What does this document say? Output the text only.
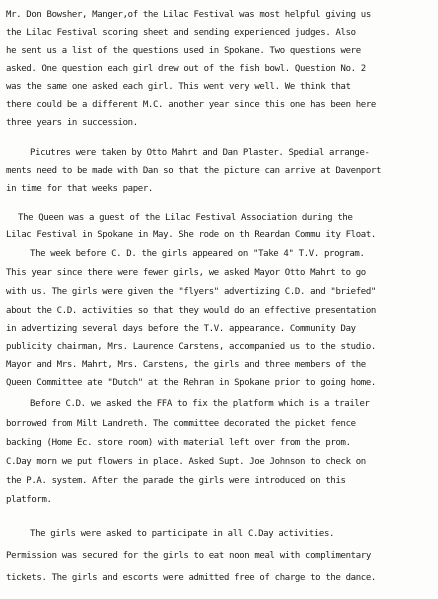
Mr. Don Bowsher, Manger,of the Lilac Festival was most helpful giving us
the Lilac Festival scoring sheet and sending experienced judges. Also
he sent us a list of the questions used in Spokane. Two questions were
asked. One question each girl drew out of the fish bowl. Question No. 2
was the same one asked each girl. This went very well. We think that
there could be a different M.C. another year since this one has been here
three years in succession.
Picutres were taken by Otto Mahrt and Dan Plaster. Spedial arrange-
ments need to be made with Dan so that the picture can arrive at Davenport
in time for that weeks paper.
The Queen was a guest of the Lilac Festival Association during the
Lilac Festival in Spokane in May. She rode on th Reardan Commu ity Float.
The week before C. D. the girls appeared on "Take 4" T.V. program.
This year since there were fewer girls, we asked Mayor Otto Mahrt to go
with us. The girls were given the "flyers" advertizing C.D. and "briefed"
about the C.D. activities so that they would do an effective presentation
in advertizing several days before the T.V. appearance. Community Day
publicity chairman, Mrs. Laurence Carstens, accompanied us to the studio.
Mayor and Mrs. Mahrt, Mrs. Carstens, the girls and three members of the
Queen Committee ate "Dutch" at the Rehran in Spokane prior to going home.
Before C.D. we asked the FFA to fix the platform which is a trailer
borrowed from Milt Landreth. The committee decorated the picket fence
backing (Home Ec. store room) with material left over from the prom.
C.Day morn we put flowers in place. Asked Supt. Joe Johnson to check on
the P.A. system. After the parade the girls were introduced on this
platform.
The girls were asked to participate in all C.Day activities.
Permission was secured for the girls to eat noon meal with complimentary
tickets. The girls and escorts were admitted free of charge to the dance.
